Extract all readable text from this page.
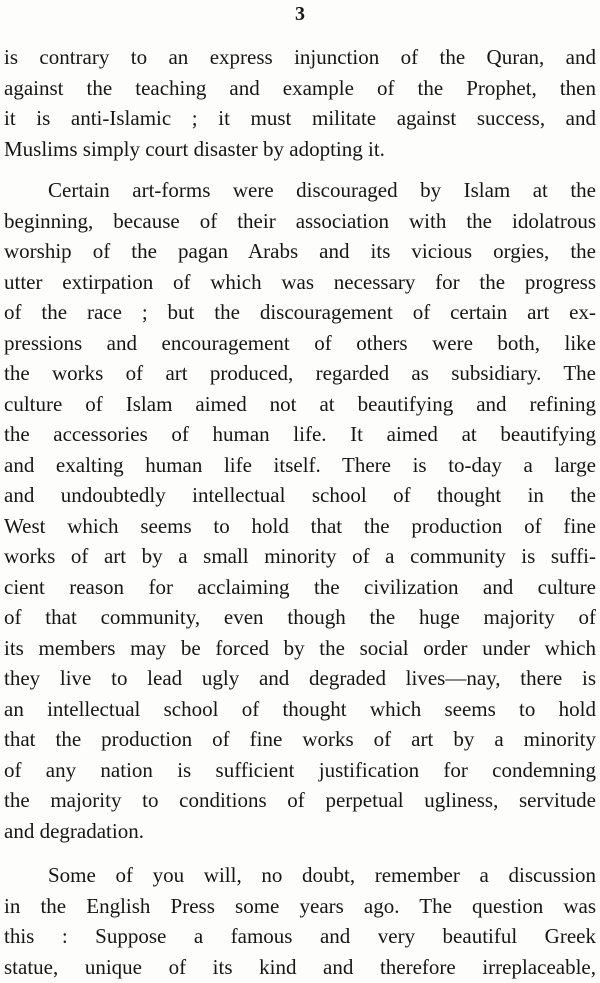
3
is contrary to an express injunction of the Quran, and
against the teaching and example of the Prophet, then
it is anti-Islamic ; it must militate against success, and
Muslims simply court disaster by adopting it.
Certain art-forms were discouraged by Islam at the
beginning, because of their association with the idolatrous
worship of the pagan Arabs and its vicious orgies, the
utter extirpation of which was necessary for the progress
of the race ; but the discouragement of certain art ex-
pressions and encouragement of others were both, like
the works of art produced, regarded as subsidiary. The
culture of Islam aimed not at beautifying and refining
the accessories of human life. It aimed at beautifying
and exalting human life itself. There is to-day a large
and undoubtedly intellectual school of thought in the
West which seems to hold that the production of fine
works of art by a small minority of a community is suffi-
cient reason for acclaiming the civilization and culture
of that community, even though the huge majority of
its members may be forced by the social order under which
they live to lead ugly and degraded lives—nay, there is
an intellectual school of thought which seems to hold
that the production of fine works of art by a minority
of any nation is sufficient justification for condemning
the majority to conditions of perpetual ugliness, servitude
and degradation.
Some of you will, no doubt, remember a discussion
in the English Press some years ago. The question was
this : Suppose a famous and very beautiful Greek
statue, unique of its kind and therefore irreplaceable,
